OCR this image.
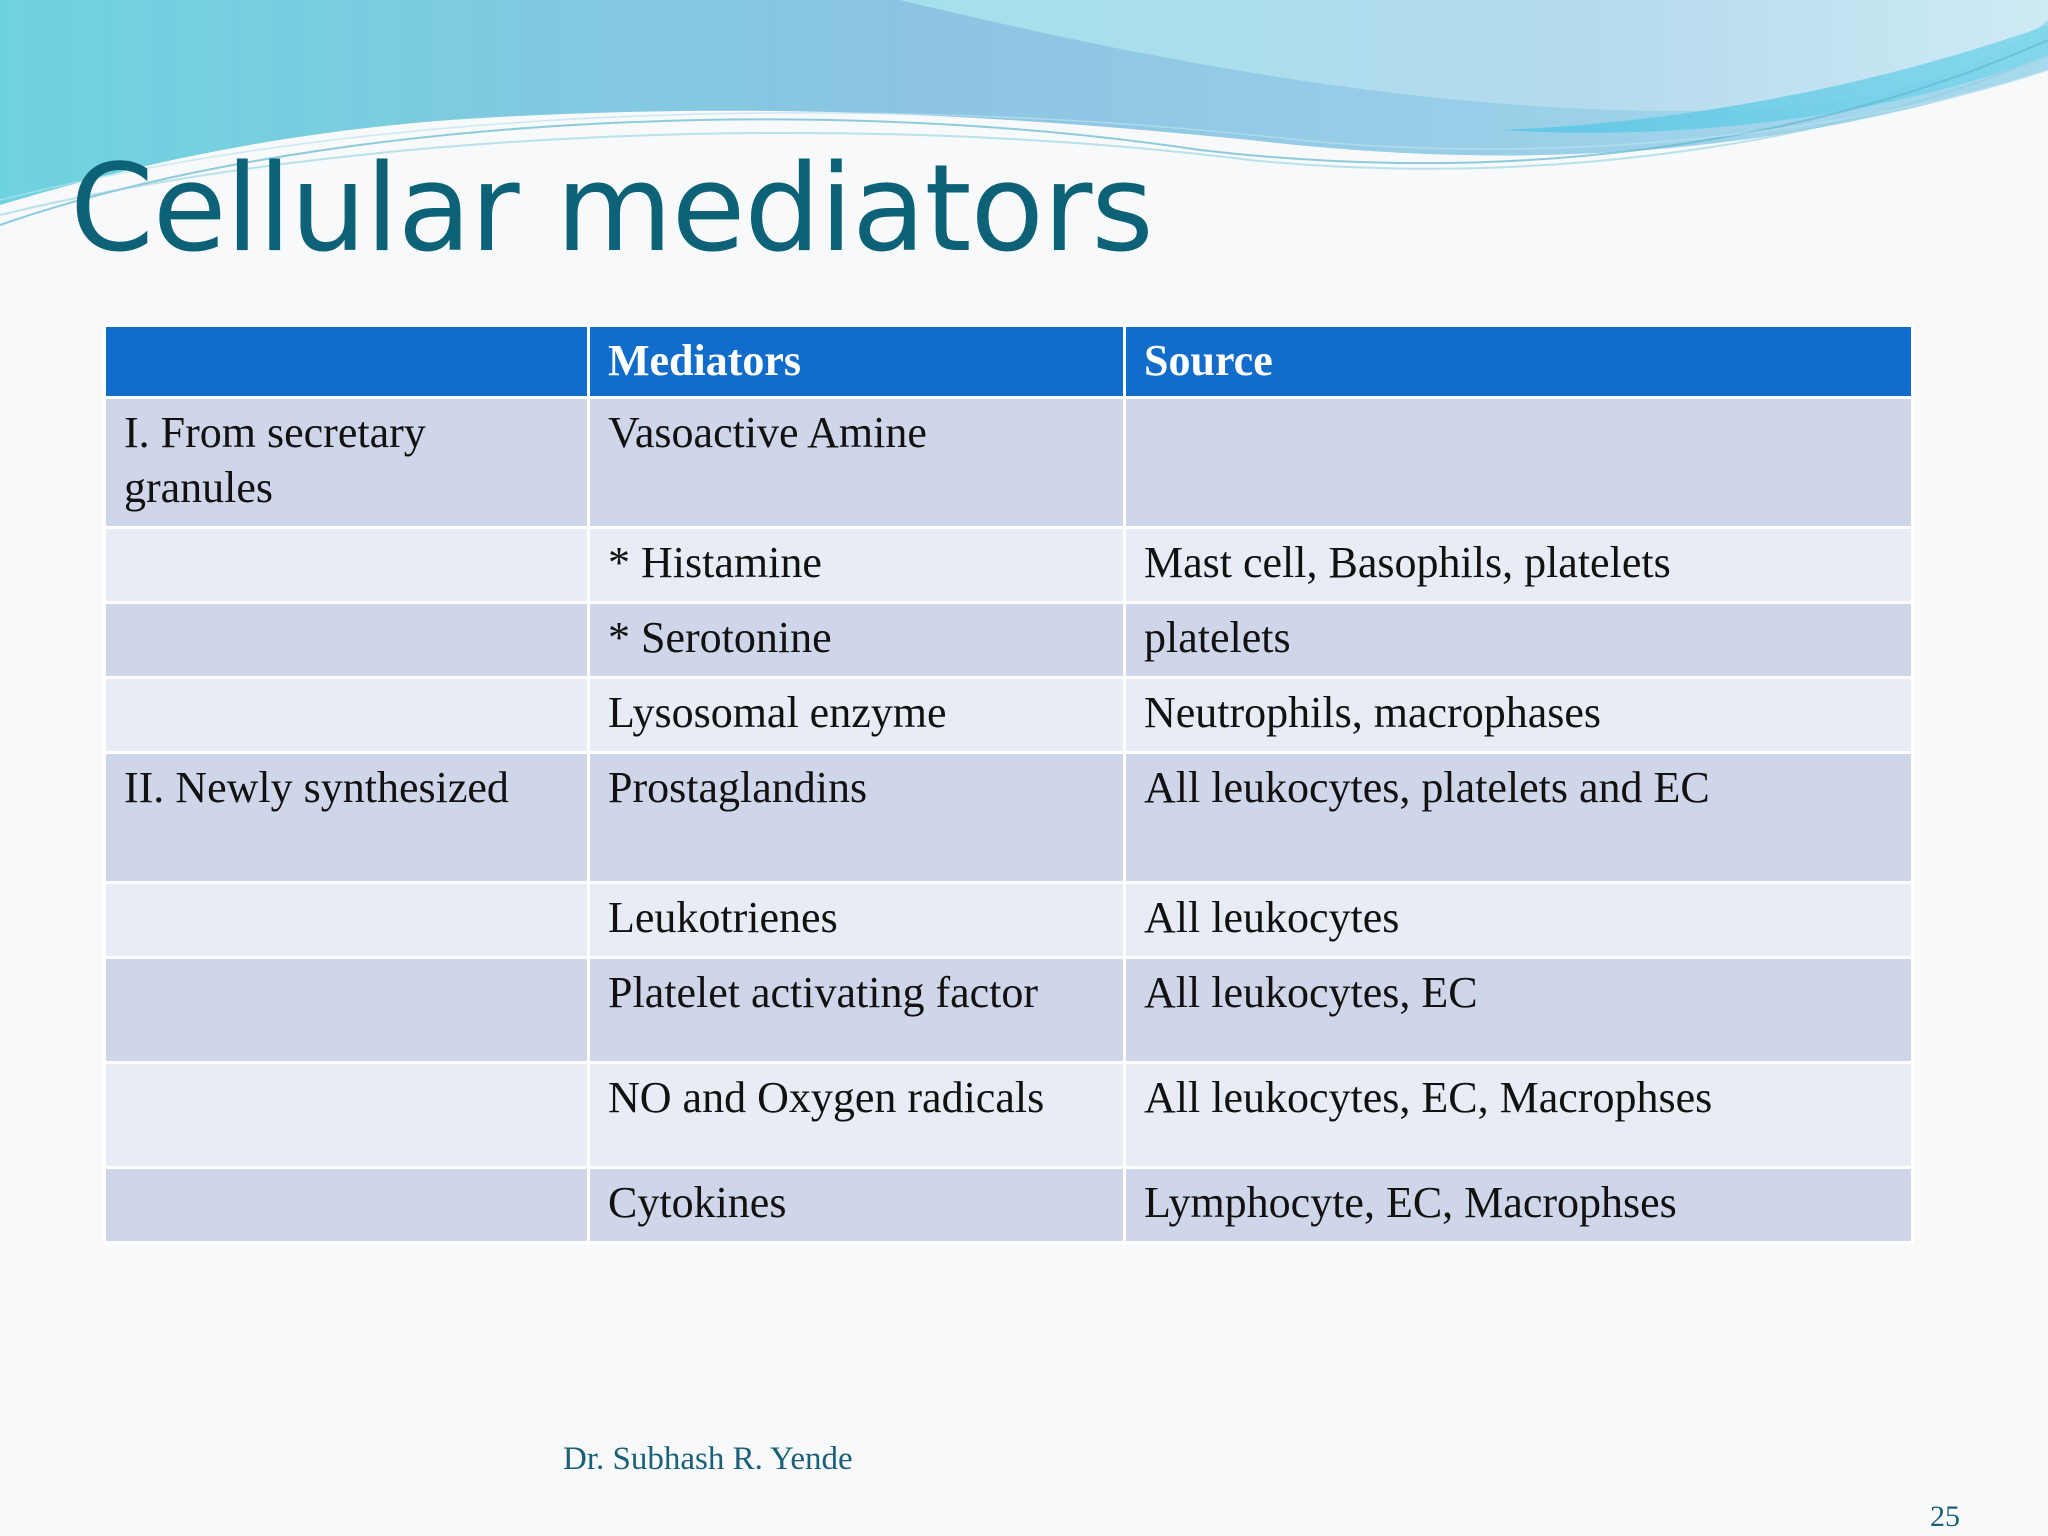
Cellular mediators
	Mediators	Source
I. From secretary granules	Vasoactive Amine	
	* Histamine	Mast cell, Basophils, platelets
	* Serotonine	platelets
	Lysosomal enzyme	Neutrophils, macrophases
II. Newly synthesized	Prostaglandins	All leukocytes, platelets and EC
	Leukotrienes	All leukocytes
	Platelet activating factor	All leukocytes, EC
	NO and Oxygen radicals	All leukocytes, EC, Macrophses
	Cytokines	Lymphocyte, EC, Macrophses
Dr. Subhash R. Yende
25
